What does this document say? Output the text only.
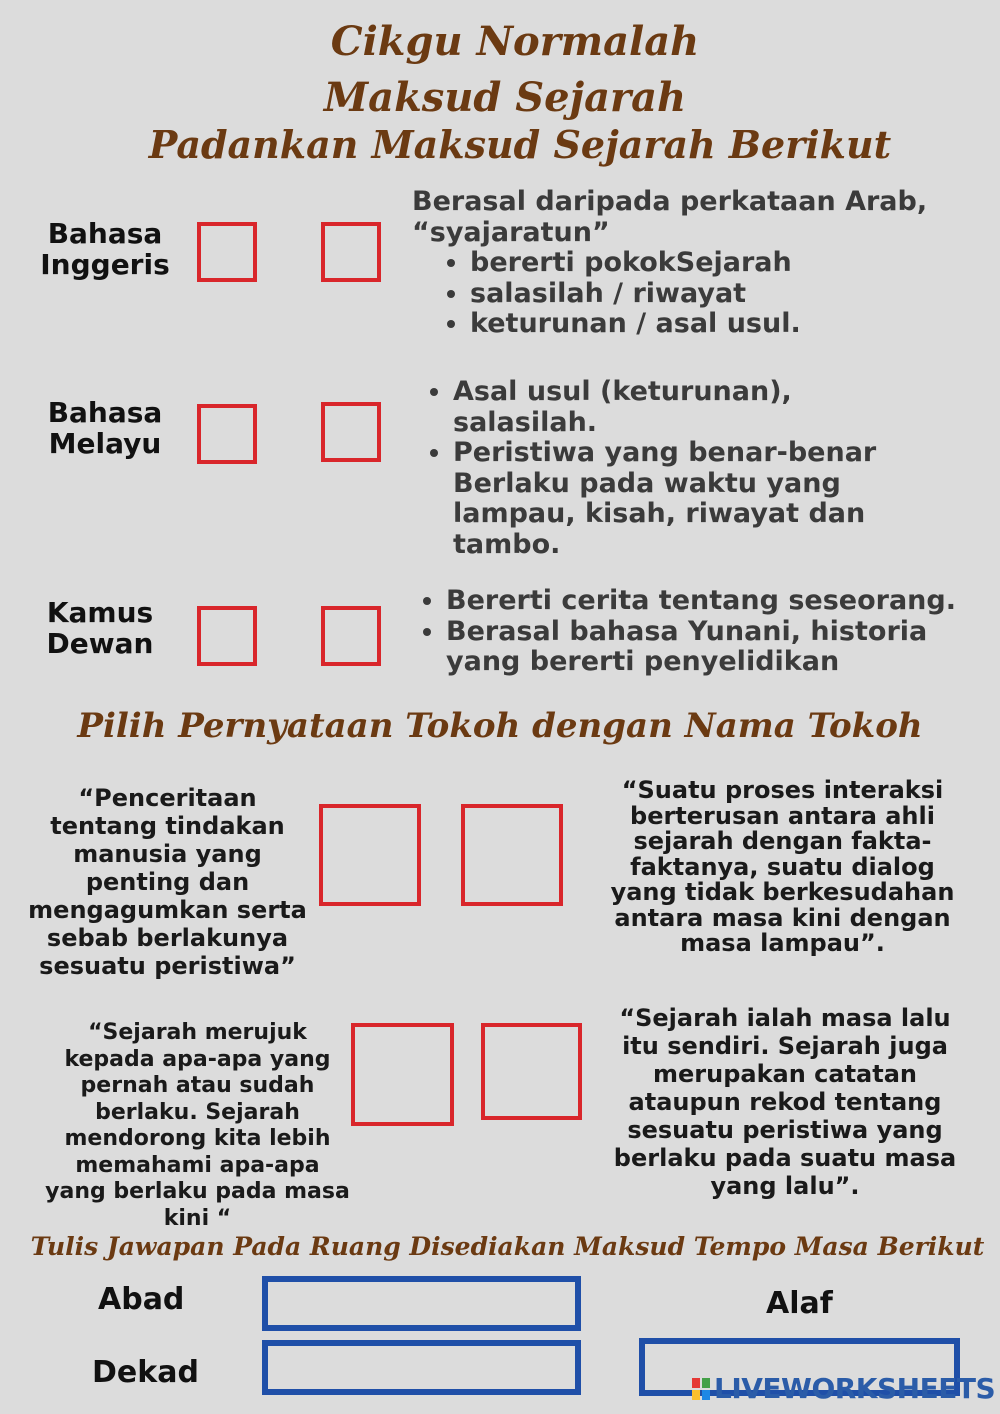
Cikgu Normalah
Maksud Sejarah
Padankan Maksud Sejarah Berikut
Bahasa
Inggeris
Bahasa
Melayu
Kamus
Dewan
Berasal daripada perkataan Arab,
“syajaratun”
• bererti pokokSejarah
• salasilah / riwayat
• keturunan / asal usul.
• Asal usul (keturunan),
salasilah.
• Peristiwa yang benar-benar
Berlaku pada waktu yang
lampau, kisah, riwayat dan
tambo.
• Bererti cerita tentang seseorang.
• Berasal bahasa Yunani, historia
yang bererti penyelidikan
Pilih Pernyataan Tokoh dengan Nama Tokoh
“Penceritaan
tentang tindakan
manusia yang
penting dan
mengagumkan serta
sebab berlakunya
sesuatu peristiwa”
“Suatu proses interaksi
berterusan antara ahli
sejarah dengan fakta-
faktanya, suatu dialog
yang tidak berkesudahan
antara masa kini dengan
masa lampau”.
“Sejarah merujuk
kepada apa-apa yang
pernah atau sudah
berlaku. Sejarah
mendorong kita lebih
memahami apa-apa
yang berlaku pada masa
kini “
“Sejarah ialah masa lalu
itu sendiri. Sejarah juga
merupakan catatan
ataupun rekod tentang
sesuatu peristiwa yang
berlaku pada suatu masa
yang lalu”.
Tulis Jawapan Pada Ruang Disediakan Maksud Tempo Masa Berikut
Abad	Alaf
Dekad	LIVEWORKSHEETS
